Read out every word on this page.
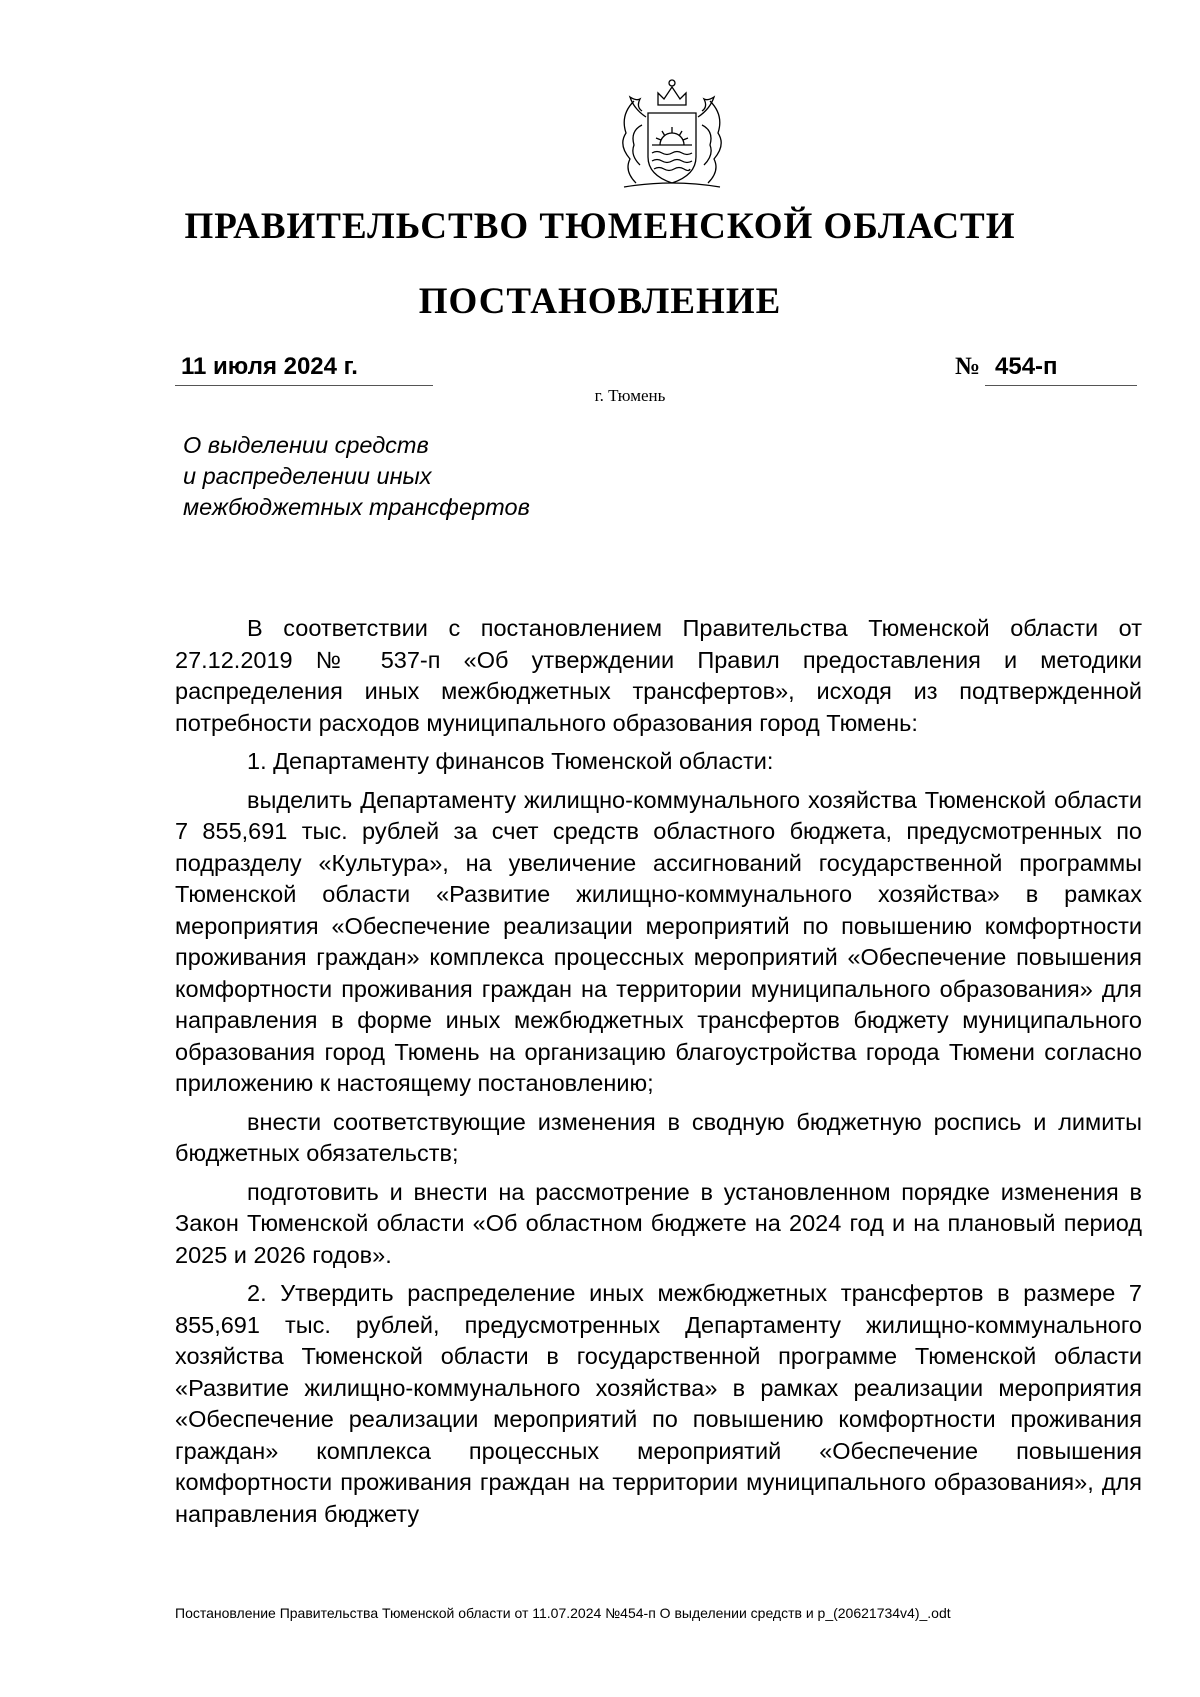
ПРАВИТЕЛЬСТВО ТЮМЕНСКОЙ ОБЛАСТИ
ПОСТАНОВЛЕНИЕ
11 июля 2024 г.	№ 454-п
г. Тюмень
О выделении средств
и распределении иных
межбюджетных трансфертов

В соответствии с постановлением Правительства Тюменской области от 27.12.2019 № 537-п «Об утверждении Правил предоставления и методики распределения иных межбюджетных трансфертов», исходя из подтвержденной потребности расходов муниципального образования город Тюмень:

1. Департаменту финансов Тюменской области:

выделить Департаменту жилищно-коммунального хозяйства Тюменской области 7 855,691 тыс. рублей за счет средств областного бюджета, предусмотренных по подразделу «Культура», на увеличение ассигнований государственной программы Тюменской области «Развитие жилищно-коммунального хозяйства» в рамках мероприятия «Обеспечение реализации мероприятий по повышению комфортности проживания граждан» комплекса процессных мероприятий «Обеспечение повышения комфортности проживания граждан на территории муниципального образования» для направления в форме иных межбюджетных трансфертов бюджету муниципального образования город Тюмень на организацию благоустройства города Тюмени согласно приложению к настоящему постановлению;

внести соответствующие изменения в сводную бюджетную роспись и лимиты бюджетных обязательств;

подготовить и внести на рассмотрение в установленном порядке изменения в Закон Тюменской области «Об областном бюджете на 2024 год и на плановый период 2025 и 2026 годов».

2. Утвердить распределение иных межбюджетных трансфертов в размере 7 855,691 тыс. рублей, предусмотренных Департаменту жилищно-коммунального хозяйства Тюменской области в государственной программе Тюменской области «Развитие жилищно-коммунального хозяйства» в рамках реализации мероприятия «Обеспечение реализации мероприятий по повышению комфортности проживания граждан» комплекса процессных мероприятий «Обеспечение повышения комфортности проживания граждан на территории муниципального образования», для направления бюджету

Постановление Правительства Тюменской области от 11.07.2024 №454-п О выделении средств и р_(20621734v4)_.odt
